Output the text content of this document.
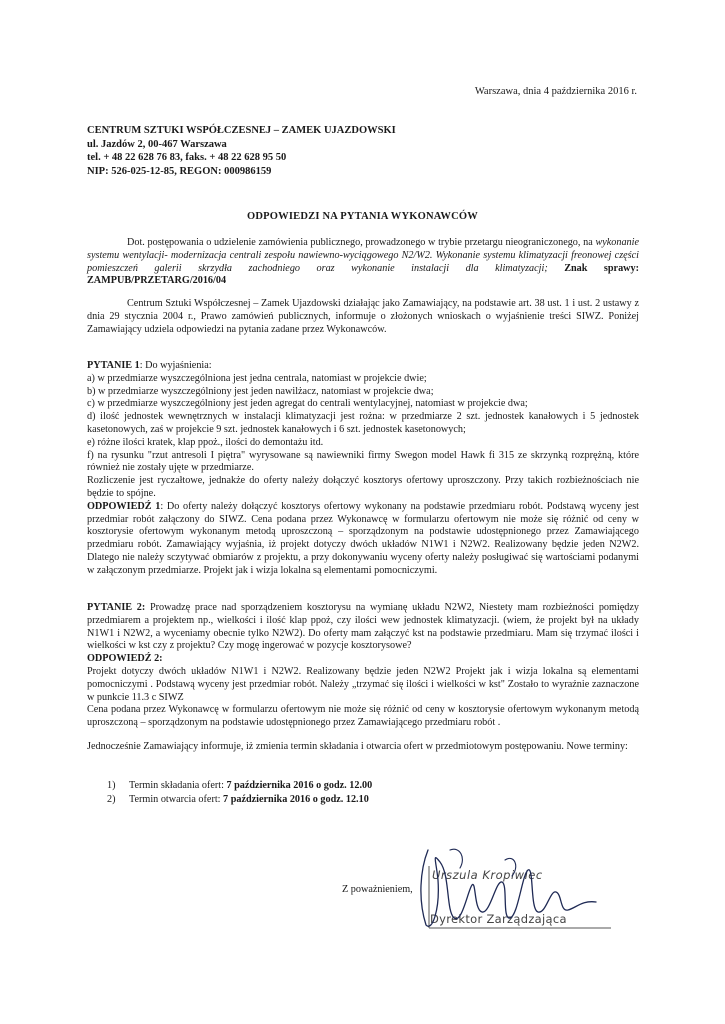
Warszawa, dnia 4 października 2016 r.
CENTRUM SZTUKI WSPÓŁCZESNEJ – ZAMEK UJAZDOWSKI
ul. Jazdów 2, 00-467 Warszawa
tel. + 48 22 628 76 83, faks. + 48 22 628 95 50
NIP: 526-025-12-85, REGON: 000986159
ODPOWIEDZI NA PYTANIA WYKONAWCÓW
Dot. postępowania o udzielenie zamówienia publicznego, prowadzonego w trybie przetargu nieograniczonego, na wykonanie systemu wentylacji- modernizacja centrali zespołu nawiewno-wyciągowego N2/W2. Wykonanie systemu klimatyzacji freonowej części pomieszczeń galerii skrzydła zachodniego oraz wykonanie instalacji dla klimatyzacji; Znak sprawy: ZAMPUB/PRZETARG/2016/04
Centrum Sztuki Współczesnej – Zamek Ujazdowski działając jako Zamawiający, na podstawie art. 38 ust. 1 i ust. 2 ustawy z dnia 29 stycznia 2004 r., Prawo zamówień publicznych, informuje o złożonych wnioskach o wyjaśnienie treści SIWZ. Poniżej Zamawiający udziela odpowiedzi na pytania zadane przez Wykonawców.
PYTANIE 1: Do wyjaśnienia:
a) w przedmiarze wyszczególniona jest jedna centrala, natomiast w projekcie dwie;
b) w przedmiarze wyszczególniony jest jeden nawilżacz, natomiast w projekcie dwa;
c) w przedmiarze wyszczególniony jest jeden agregat do centrali wentylacyjnej, natomiast w projekcie dwa;
d) ilość jednostek wewnętrznych w instalacji klimatyzacji jest rożna: w przedmiarze 2 szt. jednostek kanałowych i 5 jednostek kasetonowych, zaś w projekcie 9 szt. jednostek kanałowych i 6 szt. jednostek kasetonowych;
e) różne ilości kratek, klap ppoż., ilości do demontażu itd.
f) na rysunku "rzut antresoli I piętra" wyrysowane są nawiewniki firmy Swegon model Hawk fi 315 ze skrzynką rozprężną, które również nie zostały ujęte w przedmiarze.
Rozliczenie jest ryczałtowe, jednakże do oferty należy dołączyć kosztorys ofertowy uproszczony. Przy takich rozbieżnościach nie będzie to spójne.
ODPOWIEDŹ 1: Do oferty należy dołączyć kosztorys ofertowy wykonany na podstawie przedmiaru robót. Podstawą wyceny jest przedmiar robót załączony do SIWZ. Cena podana przez Wykonawcę w formularzu ofertowym nie może się różnić od ceny w kosztorysie ofertowym wykonanym metodą uproszczoną – sporządzonym na podstawie udostępnionego przez Zamawiającego przedmiaru robót. Zamawiający wyjaśnia, iż projekt dotyczy dwóch układów N1W1 i N2W2. Realizowany będzie jeden N2W2. Dlatego nie należy sczytywać obmiarów z projektu, a przy dokonywaniu wyceny oferty należy posługiwać się wartościami podanymi w załączonym przedmiarze. Projekt jak i wizja lokalna są elementami pomocniczymi.
PYTANIE 2: Prowadzę prace nad sporządzeniem kosztorysu na wymianę układu N2W2, Niestety mam rozbieżności pomiędzy przedmiarem a projektem np., wielkości i ilość klap ppoż, czy ilości wew jednostek klimatyzacji. (wiem, że projekt był na układy N1W1 i N2W2, a wyceniamy obecnie tylko N2W2). Do oferty mam załączyć kst na podstawie przedmiaru. Mam się trzymać ilości i wielkości w kst czy z projektu? Czy mogę ingerować w pozycje kosztorysowe?
ODPOWIEDŹ 2:
Projekt dotyczy dwóch układów N1W1 i N2W2. Realizowany będzie jeden N2W2 Projekt jak i wizja lokalna są elementami pomocniczymi . Podstawą wyceny jest przedmiar robót. Należy „trzymać się ilości i wielkości w kst" Zostało to wyraźnie zaznaczone w punkcie 11.3 c SIWZ
Cena podana przez Wykonawcę w formularzu ofertowym nie może się różnić od ceny w kosztorysie ofertowym wykonanym metodą uproszczoną – sporządzonym na podstawie udostępnionego przez Zamawiającego przedmiaru robót .
Jednocześnie Zamawiający informuje, iż zmienia termin składania i otwarcia ofert w przedmiotowym postępowaniu. Nowe terminy:
1) Termin składania ofert: 7 października 2016 o godz. 12.00
2) Termin otwarcia ofert: 7 października 2016 o godz. 12.10
Z poważnieniem,
Urszula Kropiwiec
Dyrektor Zarządzająca
